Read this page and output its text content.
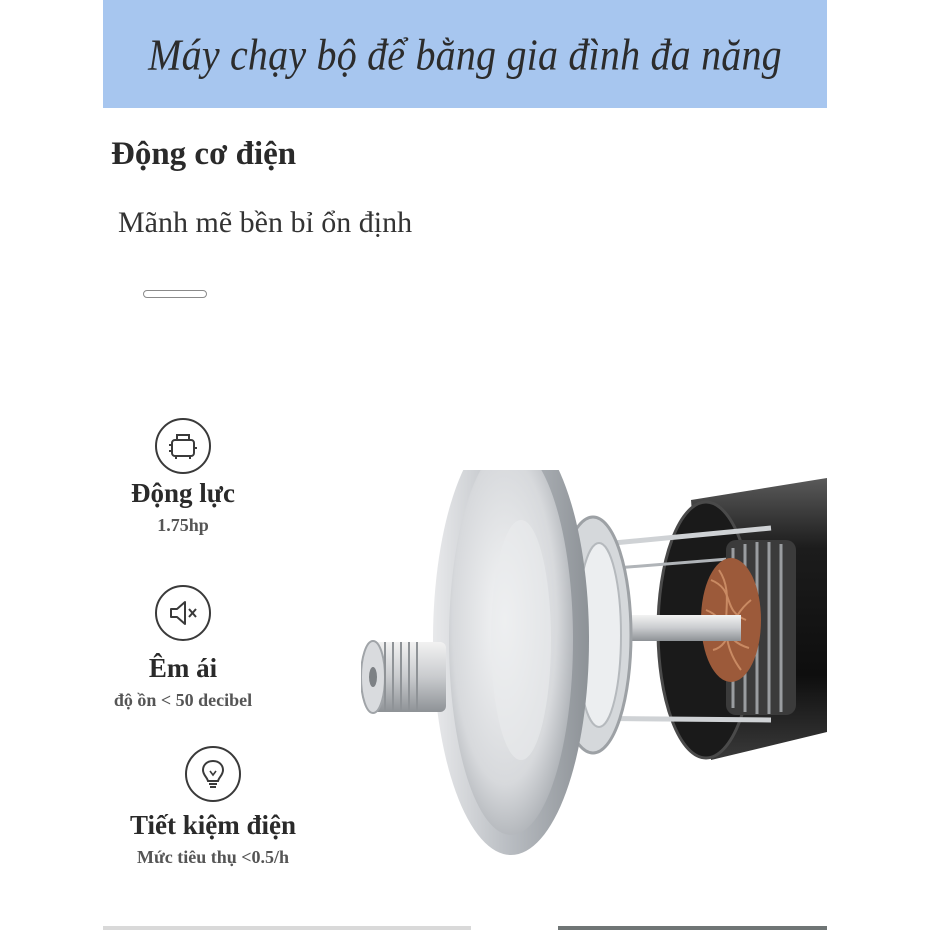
Máy chạy bộ để bằng gia đình đa năng
Động cơ điện
Mãnh mẽ bền bỉ ổn định
Động lực
1.75hp
Êm ái
độ ồn < 50 decibel
Tiết kiệm điện
Mức tiêu thụ <0.5/h
